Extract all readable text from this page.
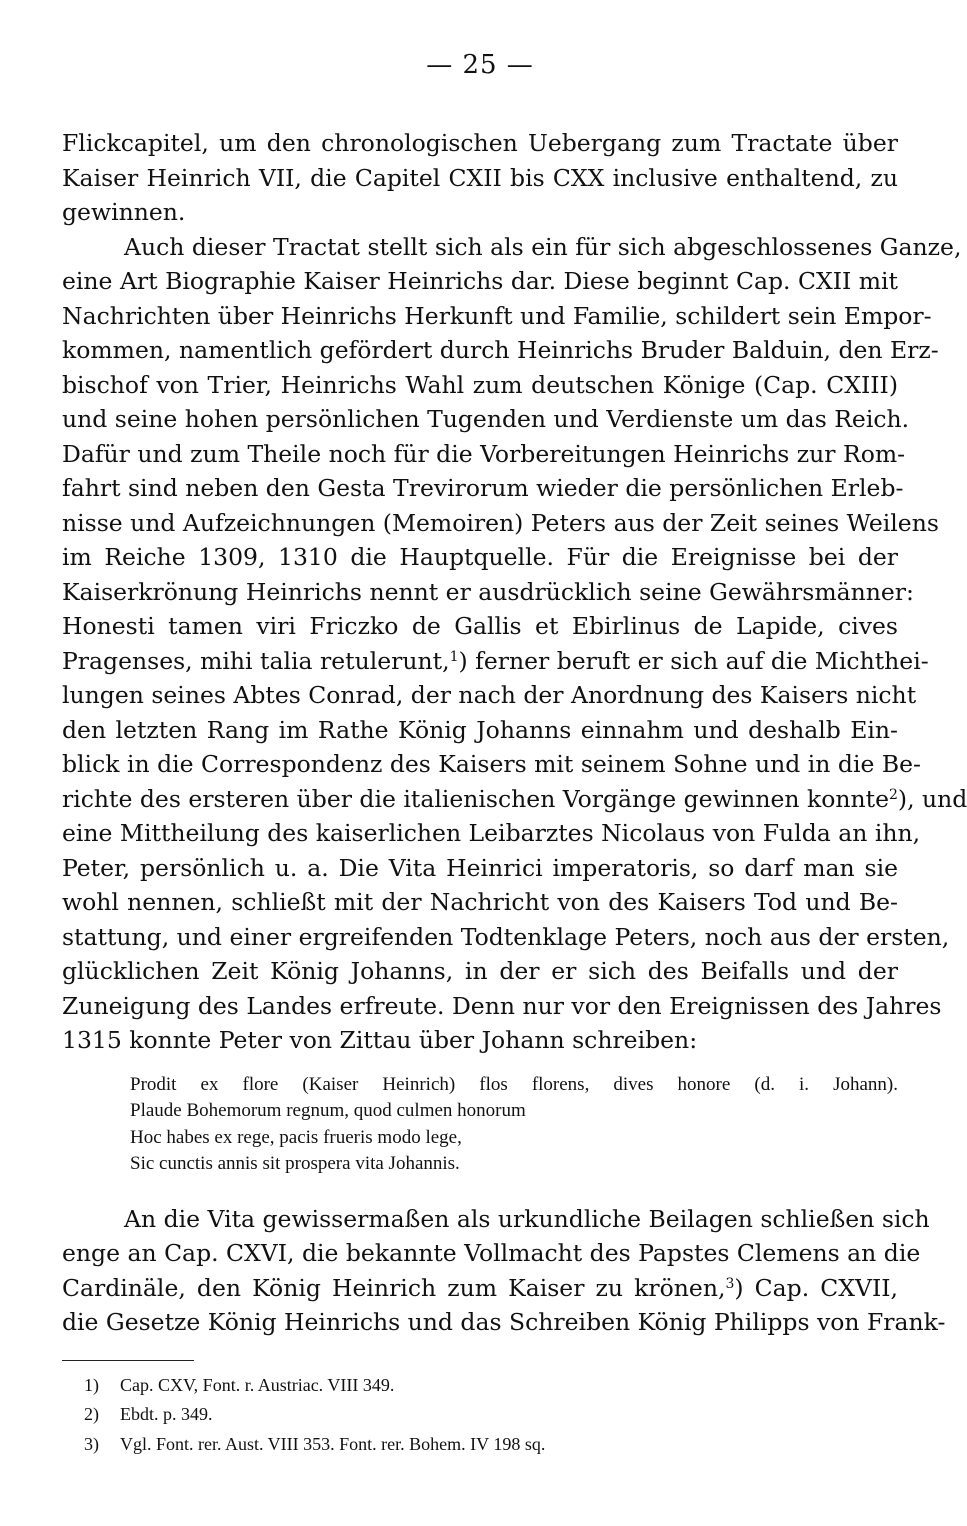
— 25 —

Flickcapitel, um den chronologischen Uebergang zum Tractate über
Kaiser Heinrich VII, die Capitel CXII bis CXX inclusive enthaltend, zu
gewinnen.

Auch dieser Tractat stellt sich als ein für sich abgeschlossenes Ganze,
eine Art Biographie Kaiser Heinrichs dar. Diese beginnt Cap. CXII mit
Nachrichten über Heinrichs Herkunft und Familie, schildert sein Empor-
kommen, namentlich gefördert durch Heinrichs Bruder Balduin, den Erz-
bischof von Trier, Heinrichs Wahl zum deutschen Könige (Cap. CXIII)
und seine hohen persönlichen Tugenden und Verdienste um das Reich.
Dafür und zum Theile noch für die Vorbereitungen Heinrichs zur Rom-
fahrt sind neben den Gesta Trevirorum wieder die persönlichen Erleb-
nisse und Aufzeichnungen (Memoiren) Peters aus der Zeit seines Weilens
im Reiche 1309, 1310 die Hauptquelle. Für die Ereignisse bei der
Kaiserkrönung Heinrichs nennt er ausdrücklich seine Gewährsmänner:
Honesti tamen viri Friczko de Gallis et Ebirlinus de Lapide, cives
Pragenses, mihi talia retulerunt,$^1$) ferner beruft er sich auf die Michthei-
lungen seines Abtes Conrad, der nach der Anordnung des Kaisers nicht
den letzten Rang im Rathe König Johanns einnahm und deshalb Ein-
blick in die Correspondenz des Kaisers mit seinem Sohne und in die Be-
richte des ersteren über die italienischen Vorgänge gewinnen konnte$^2$), und
eine Mittheilung des kaiserlichen Leibarztes Nicolaus von Fulda an ihn,
Peter, persönlich u. a. Die Vita Heinrici imperatoris, so darf man sie
wohl nennen, schließt mit der Nachricht von des Kaisers Tod und Be-
stattung, und einer ergreifenden Todtenklage Peters, noch aus der ersten,
glücklichen Zeit König Johanns, in der er sich des Beifalls und der
Zuneigung des Landes erfreute. Denn nur vor den Ereignissen des Jahres
1315 konnte Peter von Zittau über Johann schreiben:

Prodit ex flore (Kaiser Heinrich) flos florens, dives honore (d. i. Johann).
Plaude Bohemorum regnum, quod culmen honorum
Hoc habes ex rege, pacis frueris modo lege,
Sic cunctis annis sit prospera vita Johannis.

An die Vita gewissermaßen als urkundliche Beilagen schließen sich
enge an Cap. CXVI, die bekannte Vollmacht des Papstes Clemens an die
Cardinäle, den König Heinrich zum Kaiser zu krönen,$^3$) Cap. CXVII,
die Gesetze König Heinrichs und das Schreiben König Philipps von Frank-

1) Cap. CXV, Font. r. Austriac. VIII 349.
2) Ebdt. p. 349.
3) Vgl. Font. rer. Aust. VIII 353. Font. rer. Bohem. IV 198 sq.
